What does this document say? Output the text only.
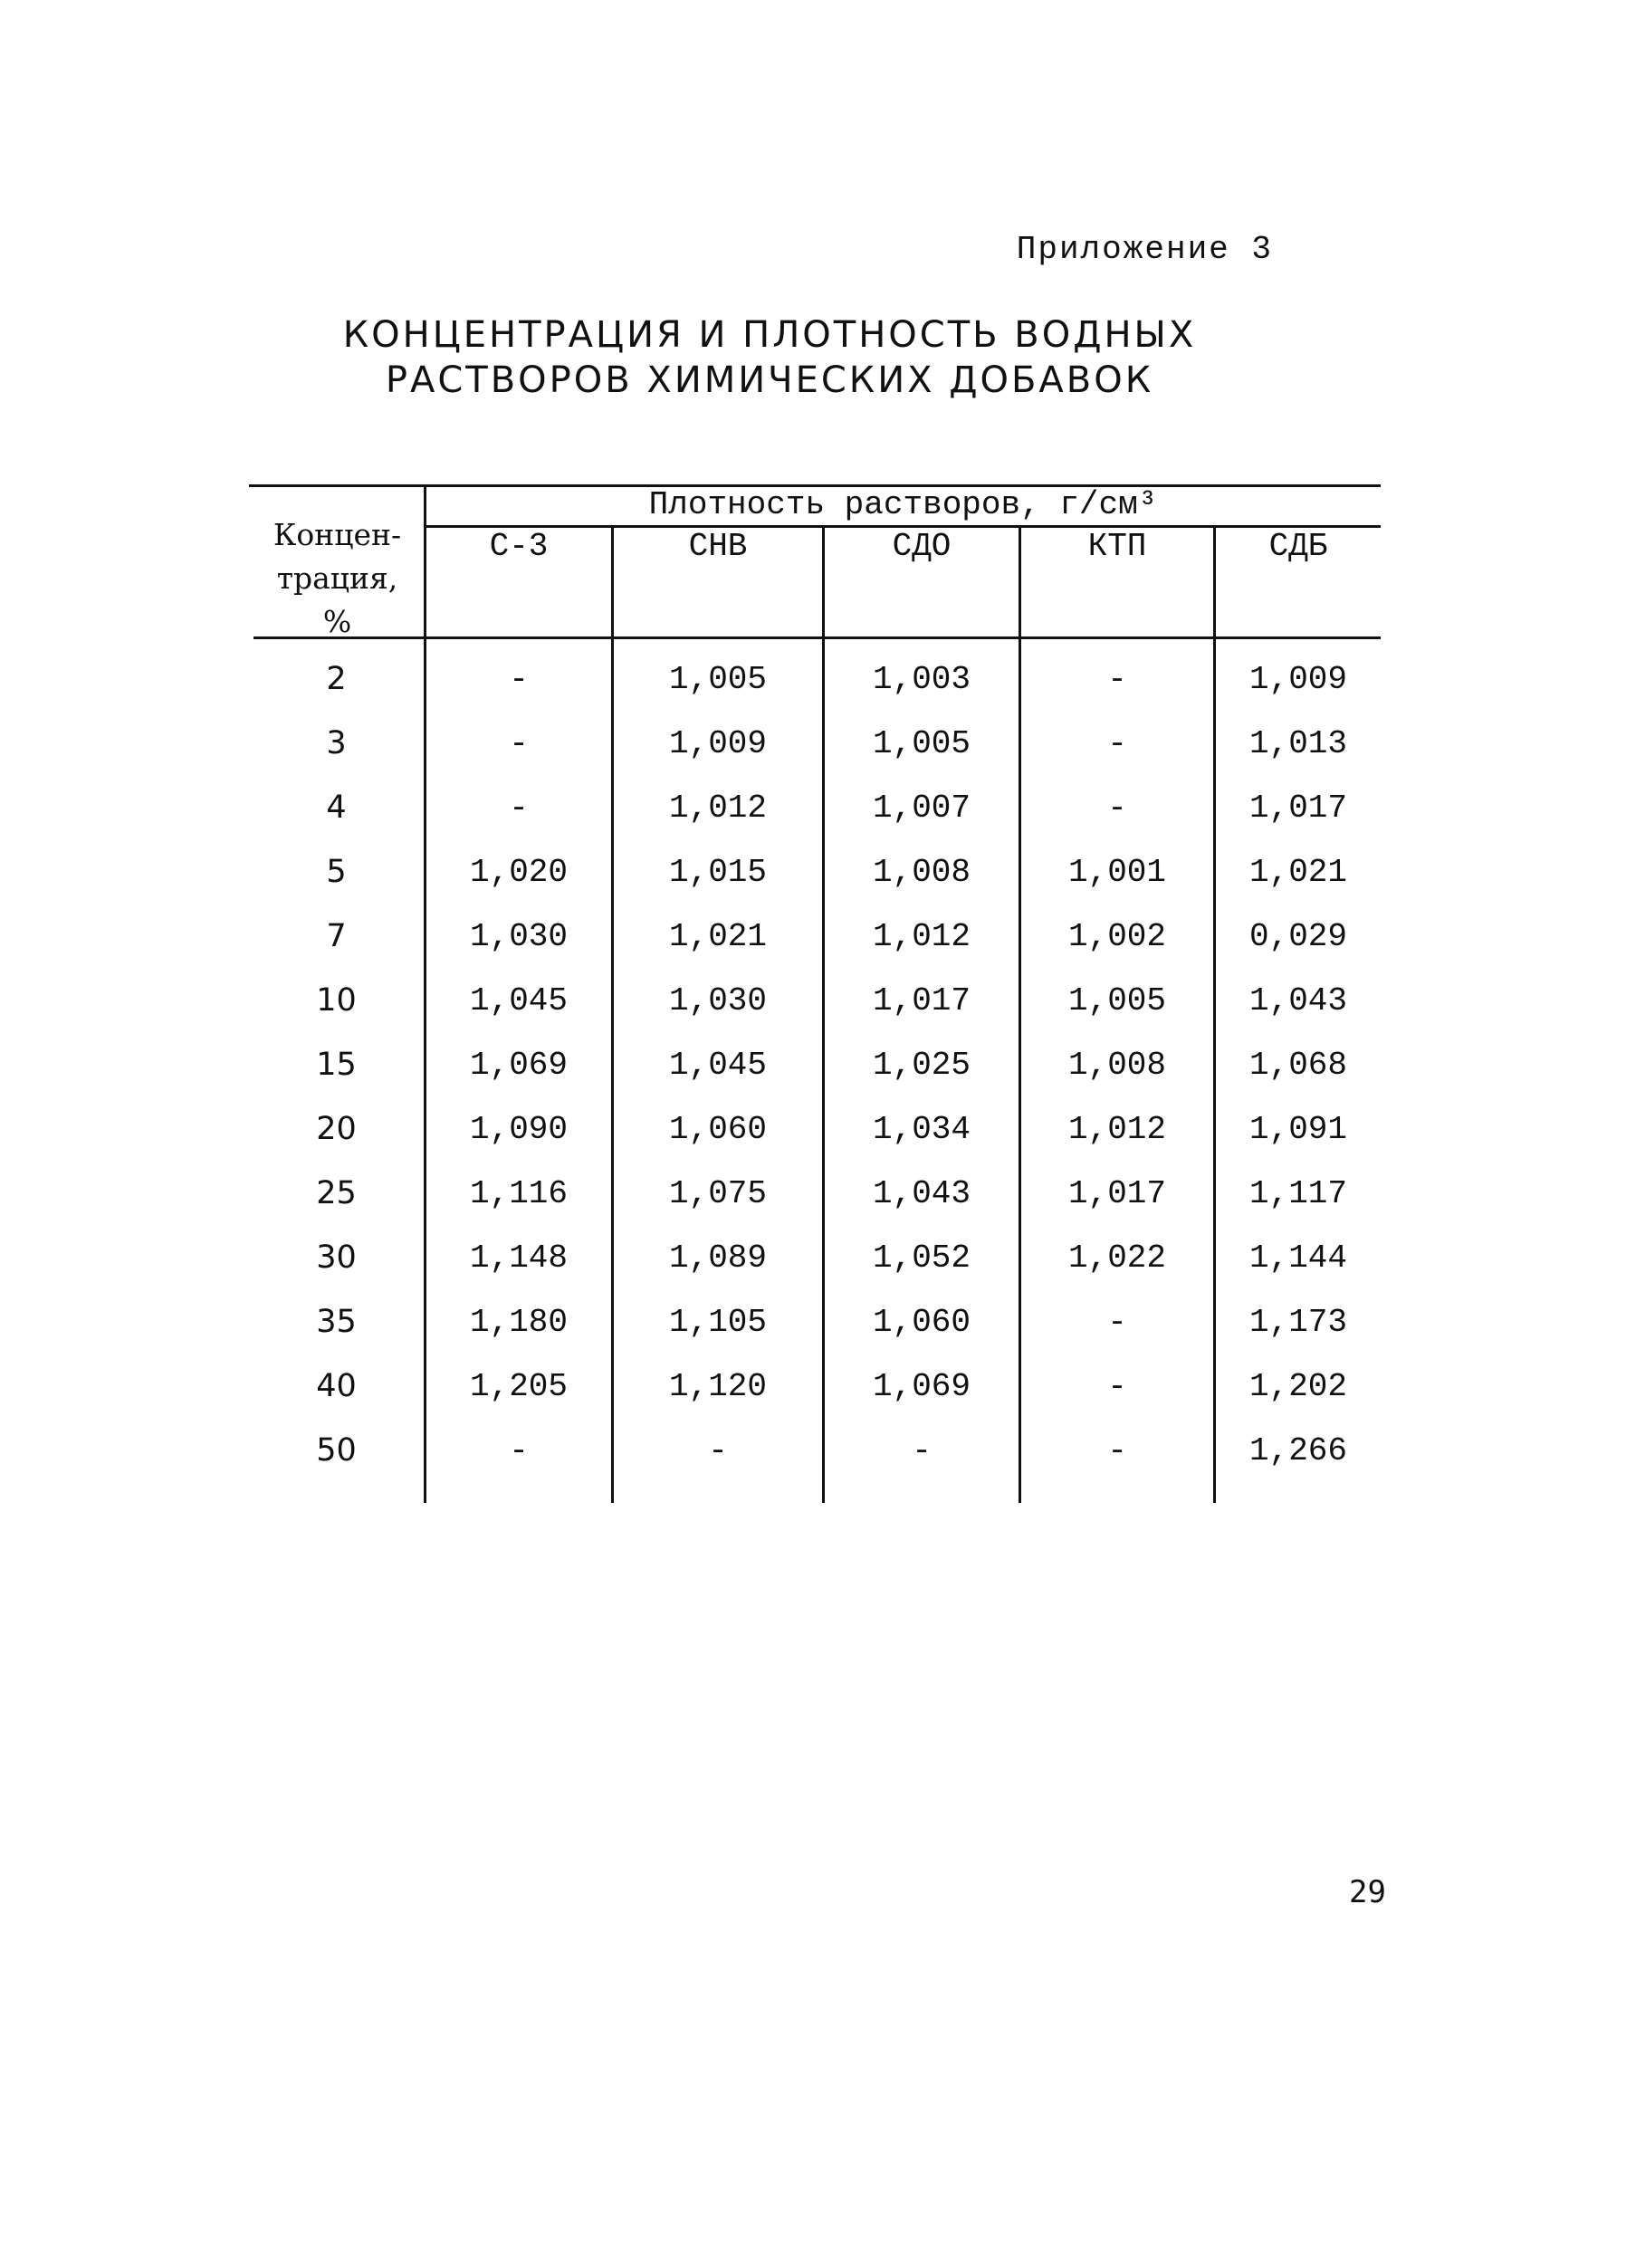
Приложение 3
КОНЦЕНТРАЦИЯ И ПЛОТНОСТЬ ВОДНЫХ
РАСТВОРОВ ХИМИЧЕСКИХ ДОБАВОК
Концен-
трация,
%
Плотность растворов, г/см³
С-3	СНВ	СДО	КТП	СДБ
2	-	1,005	1,003	-	1,009
3	-	1,009	1,005	-	1,013
4	-	1,012	1,007	-	1,017
5	1,020	1,015	1,008	1,001	1,021
7	1,030	1,021	1,012	1,002	0,029
10	1,045	1,030	1,017	1,005	1,043
15	1,069	1,045	1,025	1,008	1,068
20	1,090	1,060	1,034	1,012	1,091
25	1,116	1,075	1,043	1,017	1,117
30	1,148	1,089	1,052	1,022	1,144
35	1,180	1,105	1,060	-	1,173
40	1,205	1,120	1,069	-	1,202
50	-	-	-	-	1,266
29
